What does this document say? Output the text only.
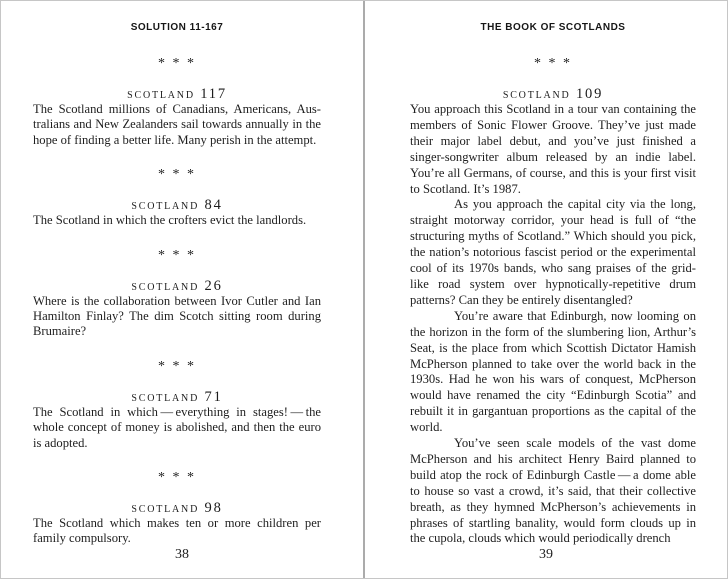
SOLUTION 11-167
* * *
scotland 117

The Scotland millions of Canadians, Americans, Australians and New Zealanders sail towards annually in the hope of finding a better life. Many perish in the attempt.

* * *
scotland 84

The Scotland in which the crofters evict the landlords.

* * *
scotland 26

Where is the collaboration between Ivor Cutler and Ian Hamilton Finlay? The dim Scotch sitting room during Brumaire?

* * *
scotland 71

The Scotland in which — everything in stages! — the whole concept of money is abolished, and then the euro is adopted.

* * *
scotland 98

The Scotland which makes ten or more children per family compulsory.

38
THE BOOK OF SCOTLANDS
* * *
scotland 109

You approach this Scotland in a tour van containing the members of Sonic Flower Groove. They’ve just made their major label debut, and you’ve just finished a singer-songwriter album released by an indie label. You’re all Germans, of course, and this is your first visit to Scotland. It’s 1987.

As you approach the capital city via the long, straight motorway corridor, your head is full of “the structuring myths of Scotland.” Which should you pick, the nation’s notorious fascist period or the experimental cool of its 1970s bands, who sang praises of the grid-like road system over hypnotically-repetitive drum patterns? Can they be entirely disentangled?

You’re aware that Edinburgh, now looming on the horizon in the form of the slumbering lion, Arthur’s Seat, is the place from which Scottish Dictator Hamish McPherson planned to take over the world back in the 1930s. Had he won his wars of conquest, McPherson would have renamed the city “Edinburgh Scotia” and rebuilt it in gargantuan proportions as the capital of the world.

You’ve seen scale models of the vast dome McPherson and his architect Henry Baird planned to build atop the rock of Edinburgh Castle — a dome able to house so vast a crowd, it’s said, that their collective breath, as they hymned McPherson’s achievements in phrases of startling banality, would form clouds up in the cupola, clouds which would periodically drench

39
